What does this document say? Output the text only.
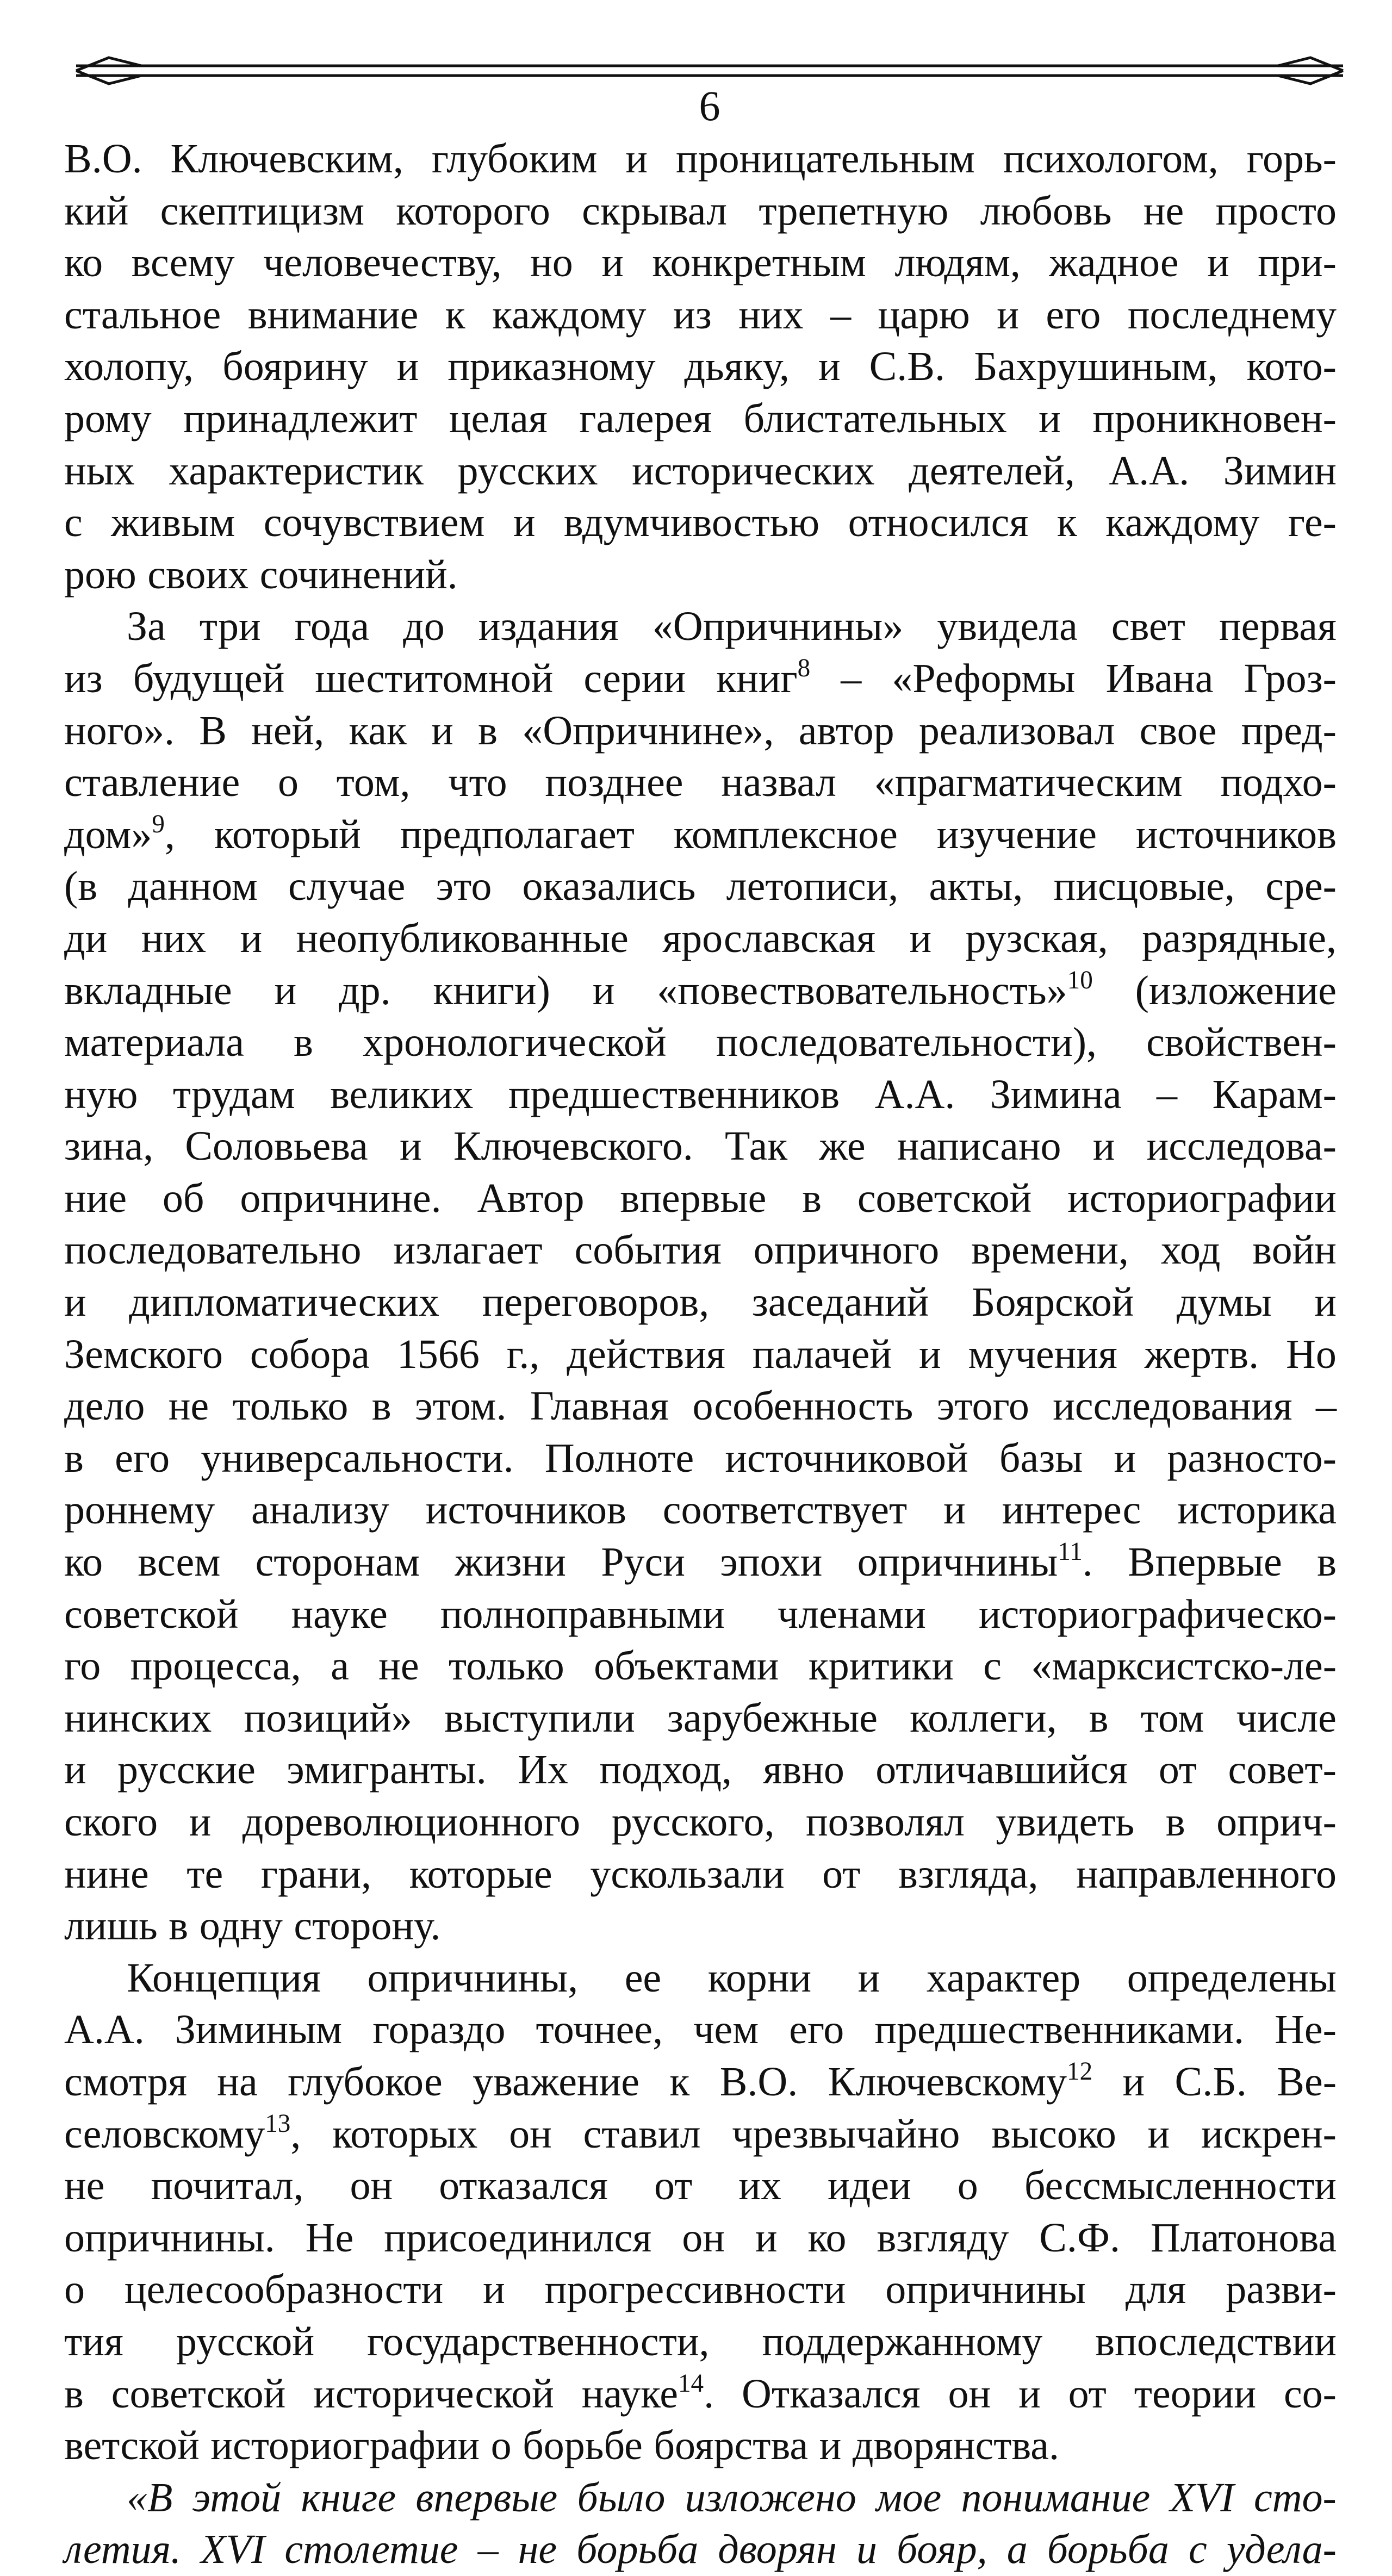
6
В.О. Ключевским, глубоким и проницательным психологом, горь-
кий скептицизм которого скрывал трепетную любовь не просто
ко всему человечеству, но и конкретным людям, жадное и при-
стальное внимание к каждому из них – царю и его последнему
холопу, боярину и приказному дьяку, и С.В. Бахрушиным, кото-
рому принадлежит целая галерея блистательных и проникновен-
ных характеристик русских исторических деятелей, А.А. Зимин
с живым сочувствием и вдумчивостью относился к каждому ге-
рою своих сочинений.
За три года до издания «Опричнины» увидела свет первая
из будущей шеститомной серии книг$^8$ – «Реформы Ивана Гроз-
ного». В ней, как и в «Опричнине», автор реализовал свое пред-
ставление о том, что позднее назвал «прагматическим подхо-
дом»$^9$, который предполагает комплексное изучение источников
(в данном случае это оказались летописи, акты, писцовые, сре-
ди них и неопубликованные ярославская и рузская, разрядные,
вкладные и др. книги) и «повествовательность»$^{10}$ (изложение
материала в хронологической последовательности), свойствен-
ную трудам великих предшественников А.А. Зимина – Карам-
зина, Соловьева и Ключевского. Так же написано и исследова-
ние об опричнине. Автор впервые в советской историографии
последовательно излагает события опричного времени, ход войн
и дипломатических переговоров, заседаний Боярской думы и
Земского собора 1566 г., действия палачей и мучения жертв. Но
дело не только в этом. Главная особенность этого исследования –
в его универсальности. Полноте источниковой базы и разносто-
роннему анализу источников соответствует и интерес историка
ко всем сторонам жизни Руси эпохи опричнины$^{11}$. Впервые в
советской науке полноправными членами историографическо-
го процесса, а не только объектами критики с «марксистско-ле-
нинских позиций» выступили зарубежные коллеги, в том числе
и русские эмигранты. Их подход, явно отличавшийся от совет-
ского и дореволюционного русского, позволял увидеть в оприч-
нине те грани, которые ускользали от взгляда, направленного
лишь в одну сторону.
Концепция опричнины, ее корни и характер определены
А.А. Зиминым гораздо точнее, чем его предшественниками. Не-
смотря на глубокое уважение к В.О. Ключевскому$^{12}$ и С.Б. Ве-
селовскому$^{13}$, которых он ставил чрезвычайно высоко и искрен-
не почитал, он отказался от их идеи о бессмысленности
опричнины. Не присоединился он и ко взгляду С.Ф. Платонова
о целесообразности и прогрессивности опричнины для разви-
тия русской государственности, поддержанному впоследствии
в советской исторической науке$^{14}$. Отказался он и от теории со-
ветской историографии о борьбе боярства и дворянства.
«В этой книге впервые было изложено мое понимание XVI сто-
летия. XVI столетие – не борьба дворян и бояр, а борьба с удела-
